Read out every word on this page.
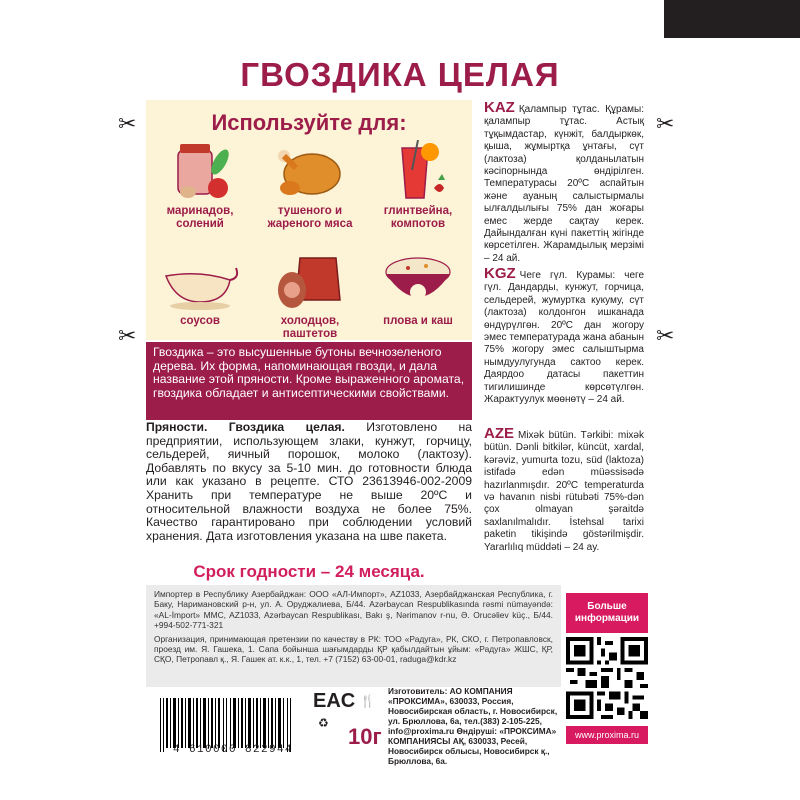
✂	✂
✂	✂
ГВОЗДИКА ЦЕЛАЯ
Используйте для:
маринадов, солений
тушеного и жареного мяса
глинтвейна, компотов
соусов	холодцов, паштетов
плова и каш
Гвоздика – это высушенные бутоны вечнозеленого дерева. Их форма, напоминающая гвозди, и дала название этой пряности. Кроме выраженного аромата, гвоздика обладает и антисептическими свойствами.
Пряности. Гвоздика целая. Изготовлено на предприятии, использующем злаки, кунжут, горчицу, сельдерей, яичный порошок, молоко (лактозу). Добавлять по вкусу за 5-10 мин. до готовности блюда или как указано в рецепте. СТО 23613946-002-2009 Хранить при температуре не выше 20ºС и относительной влажности воздуха не более 75%. Качество гарантировано при соблюдении условий хранения. Дата изготовления указана на шве пакета.
Срок годности – 24 месяца.
KAZ Қалампыр тұтас. Құрамы: қалампыр тұтас. Астық тұқымдастар, күнжіт, балдыркөк, қыша, жұмыртқа ұнтағы, сүт (лактоза) қолданылатын кәсіпорнында өндірілген. Температурасы 20ºС аспайтын және ауаның салыстырмалы ылғалдылығы 75% дан жоғары емес жерде сақтау керек. Дайындалған күні пакеттің жігінде көрсетілген. Жарамдылық мерзімі – 24 ай.
KGZ Чеге гүл. Курамы: чеге гүл. Дандарды, кунжут, горчица, сельдерей, жумуртка кукуму, сүт (лактоза) колдонгон ишканада өндүрүлгөн. 20ºС дан жогору эмес температурада жана абанын 75% жогору эмес салыштырма нымдуулугунда сактоо керек. Даярдоо датасы пакеттин тигилишинде көрсөтүлгөн. Жарактуулук мөөнөтү – 24 ай.
AZE Mixək bütün. Tərkibi: mixək bütün. Dənli bitkilər, küncüt, xardal, kərəviz, yumurta tozu, süd (laktoza) istifadə edən müəssisədə hazırlanmışdır. 20ºC temperaturda və havanın nisbi rütubəti 75%-dən çox olmayan şəraitdə saxlanılmalıdır. İstehsal tarixi paketin tikişində göstərilmişdir. Yararlılıq müddəti – 24 ay.

Импортер в Республику Азербайджан: ООО «АЛ-Импорт», AZ1033, Азербайджанская Республика, г. Баку, Наримановский р-н, ул. А. Оруджалиева, Б/44. Azərbaycan Respublikasında rəsmi nümayəndə: «AL-İmport» MMC, AZ1033, Azərbaycan Respublikası, Bakı ş, Nərimanov r-nu, Ə. Orucəliev küç., Б/44. +994-502-771-321

Организация, принимающая претензии по качеству в РК: ТОО «Радуга», РК, СКО, г. Петропавловск, проезд им. Я. Гашека, 1. Сапа бойынша шағымдарды ҚР қабылдайтын ұйым: «Радуга» ЖШС, ҚР, СҚО, Петропавл қ., Я. Гашек ат. к.к., 1, тел. +7 (7152) 63-00-01, raduga@kdr.kz

Больше информации
www.proxima.ru
4 610000 822944
EAC
♻
🍴
10г
Изготовитель: АО КОМПАНИЯ «ПРОКСИМА», 630033, Россия, Новосибирская область, г. Новосибирск, ул. Брюллова, 6а, тел.(383) 2-105-225, info@proxima.ru Өндіруші: «ПРОКСИМА» КОМПАНИЯСЫ АҚ, 630033, Ресей, Новосибирск облысы, Новосибирск қ., Брюллова, 6а.
